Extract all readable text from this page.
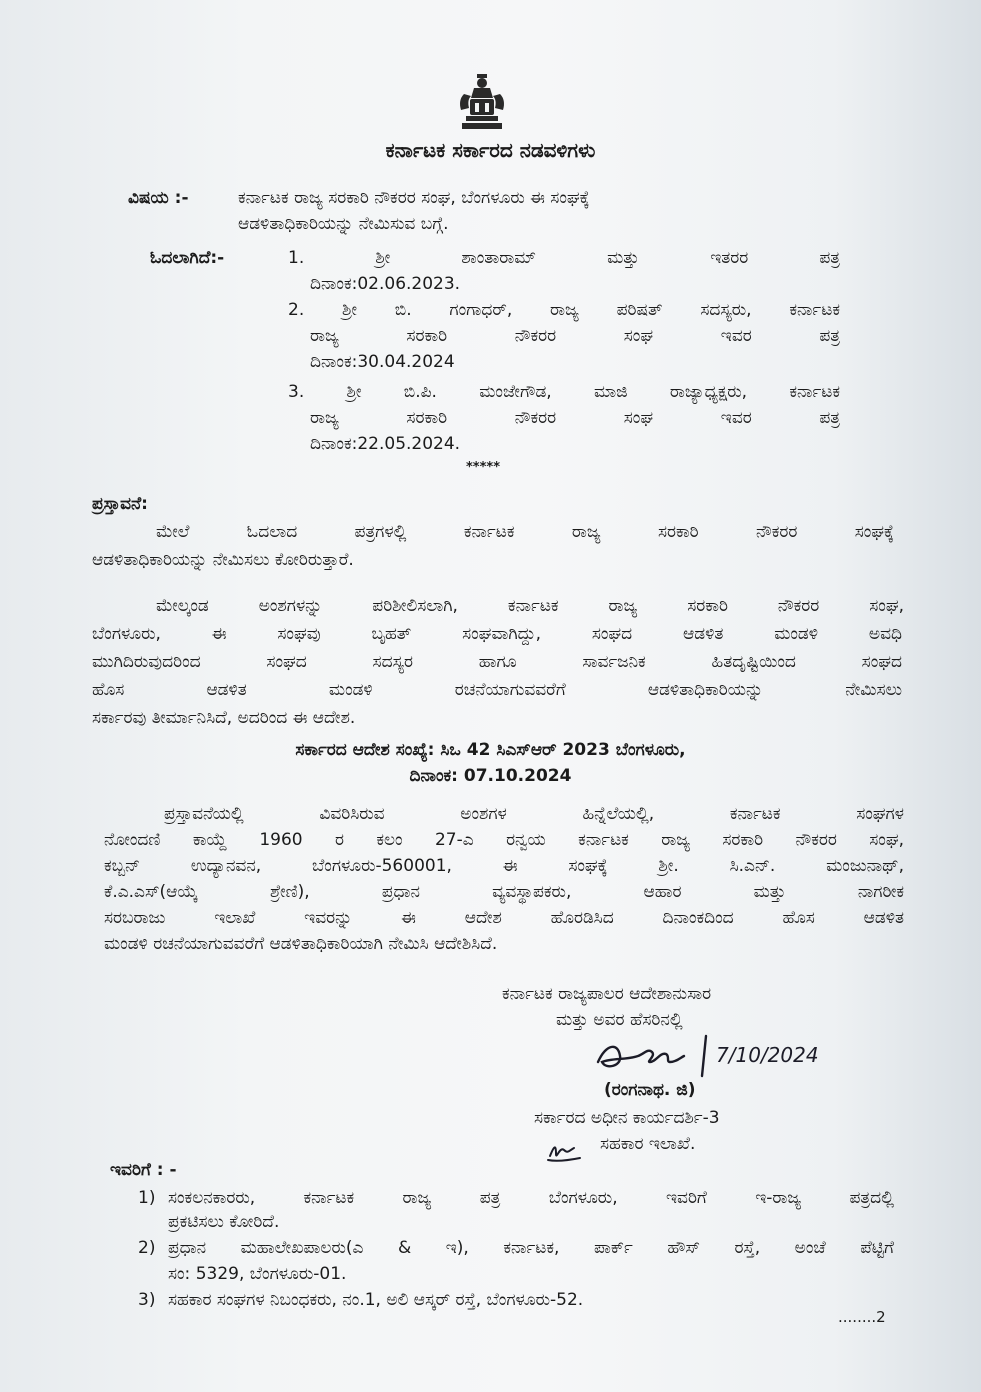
ಕರ್ನಾಟಕ ಸರ್ಕಾರದ ನಡವಳಿಗಳು

ವಿಷಯ :-	ಕರ್ನಾಟಕ ರಾಜ್ಯ ಸರಕಾರಿ ನೌಕರರ ಸಂಘ, ಬೆಂಗಳೂರು ಈ ಸಂಘಕ್ಕೆ
ಆಡಳಿತಾಧಿಕಾರಿಯನ್ನು ನೇಮಿಸುವ ಬಗ್ಗೆ.
ಓದಲಾಗಿದೆ:-	1. ಶ್ರೀ ಶಾಂತಾರಾಮ್ ಮತ್ತು ಇತರರ ಪತ್ರ

ದಿನಾಂಕ:02.06.2023.

2. ಶ್ರೀ ಬಿ. ಗಂಗಾಧರ್, ರಾಜ್ಯ ಪರಿಷತ್ ಸದಸ್ಯರು, ಕರ್ನಾಟಕ

ರಾಜ್ಯ ಸರಕಾರಿ ನೌಕರರ ಸಂಘ ಇವರ ಪತ್ರ

ದಿನಾಂಕ:30.04.2024

3. ಶ್ರೀ ಬಿ.ಪಿ. ಮಂಜೇಗೌಡ, ಮಾಜಿ ರಾಜ್ಯಾಧ್ಯಕ್ಷರು, ಕರ್ನಾಟಕ

ರಾಜ್ಯ ಸರಕಾರಿ ನೌಕರರ ಸಂಘ ಇವರ ಪತ್ರ

ದಿನಾಂಕ:22.05.2024.
*****
ಪ್ರಸ್ತಾವನೆ:

ಮೇಲೆ ಓದಲಾದ ಪತ್ರಗಳಲ್ಲಿ ಕರ್ನಾಟಕ ರಾಜ್ಯ ಸರಕಾರಿ ನೌಕರರ ಸಂಘಕ್ಕೆ

ಆಡಳಿತಾಧಿಕಾರಿಯನ್ನು ನೇಮಿಸಲು ಕೋರಿರುತ್ತಾರೆ.

ಮೇಲ್ಕಂಡ ಅಂಶಗಳನ್ನು ಪರಿಶೀಲಿಸಲಾಗಿ, ಕರ್ನಾಟಕ ರಾಜ್ಯ ಸರಕಾರಿ ನೌಕರರ ಸಂಘ,

ಬೆಂಗಳೂರು, ಈ ಸಂಘವು ಬೃಹತ್ ಸಂಘವಾಗಿದ್ದು, ಸಂಘದ ಆಡಳಿತ ಮಂಡಳಿ ಅವಧಿ

ಮುಗಿದಿರುವುದರಿಂದ ಸಂಘದ ಸದಸ್ಯರ ಹಾಗೂ ಸಾರ್ವಜನಿಕ ಹಿತದೃಷ್ಟಿಯಿಂದ ಸಂಘದ

ಹೊಸ ಆಡಳಿತ ಮಂಡಳಿ ರಚನೆಯಾಗುವವರೆಗೆ ಆಡಳಿತಾಧಿಕಾರಿಯನ್ನು ನೇಮಿಸಲು

ಸರ್ಕಾರವು ತೀರ್ಮಾನಿಸಿದೆ, ಅದರಿಂದ ಈ ಆದೇಶ.

ಸರ್ಕಾರದ ಆದೇಶ ಸಂಖ್ಯೆ: ಸಿಒ 42 ಸಿಎಸ್‌ಆರ್ 2023 ಬೆಂಗಳೂರು,

ದಿನಾಂಕ: 07.10.2024

ಪ್ರಸ್ತಾವನೆಯಲ್ಲಿ ವಿವರಿಸಿರುವ ಅಂಶಗಳ ಹಿನ್ನೆಲೆಯಲ್ಲಿ, ಕರ್ನಾಟಕ ಸಂಘಗಳ

ನೋಂದಣಿ ಕಾಯ್ದೆ 1960 ರ ಕಲಂ 27-ಎ ರನ್ವಯ ಕರ್ನಾಟಕ ರಾಜ್ಯ ಸರಕಾರಿ ನೌಕರರ ಸಂಘ,

ಕಬ್ಬನ್ ಉದ್ಯಾನವನ, ಬೆಂಗಳೂರು-560001, ಈ ಸಂಘಕ್ಕೆ ಶ್ರೀ. ಸಿ.ಎನ್. ಮಂಜುನಾಥ್,

ಕೆ.ಎ.ಎಸ್(ಆಯ್ಕೆ ಶ್ರೇಣಿ), ಪ್ರಧಾನ ವ್ಯವಸ್ಥಾಪಕರು, ಆಹಾರ ಮತ್ತು ನಾಗರೀಕ

ಸರಬರಾಜು ಇಲಾಖೆ ಇವರನ್ನು ಈ ಆದೇಶ ಹೊರಡಿಸಿದ ದಿನಾಂಕದಿಂದ ಹೊಸ ಆಡಳಿತ

ಮಂಡಳಿ ರಚನೆಯಾಗುವವರೆಗೆ ಆಡಳಿತಾಧಿಕಾರಿಯಾಗಿ ನೇಮಿಸಿ ಆದೇಶಿಸಿದೆ.
ಕರ್ನಾಟಕ ರಾಜ್ಯಪಾಲರ ಆದೇಶಾನುಸಾರ
ಮತ್ತು ಅವರ ಹೆಸರಿನಲ್ಲಿ
7/10/2024
(ರಂಗನಾಥ. ಜಿ)
ಸರ್ಕಾರದ ಅಧೀನ ಕಾರ್ಯದರ್ಶಿ-3
ಸಹಕಾರ ಇಲಾಖೆ.
ಇವರಿಗೆ : -
1) ಸಂಕಲನಕಾರರು, ಕರ್ನಾಟಕ ರಾಜ್ಯ ಪತ್ರ ಬೆಂಗಳೂರು, ಇವರಿಗೆ ಇ-ರಾಜ್ಯ ಪತ್ರದಲ್ಲಿ

ಪ್ರಕಟಿಸಲು ಕೋರಿದೆ.
2) ಪ್ರಧಾನ ಮಹಾಲೇಖಪಾಲರು(ಎ & ಇ), ಕರ್ನಾಟಕ, ಪಾರ್ಕ್ ಹೌಸ್ ರಸ್ತೆ, ಅಂಚೆ ಪೆಟ್ಟಿಗೆ

ಸಂ: 5329, ಬೆಂಗಳೂರು-01.
3) ಸಹಕಾರ ಸಂಘಗಳ ನಿಬಂಧಕರು, ನಂ.1, ಅಲಿ ಆಸ್ಕರ್ ರಸ್ತೆ, ಬೆಂಗಳೂರು-52.
........2
